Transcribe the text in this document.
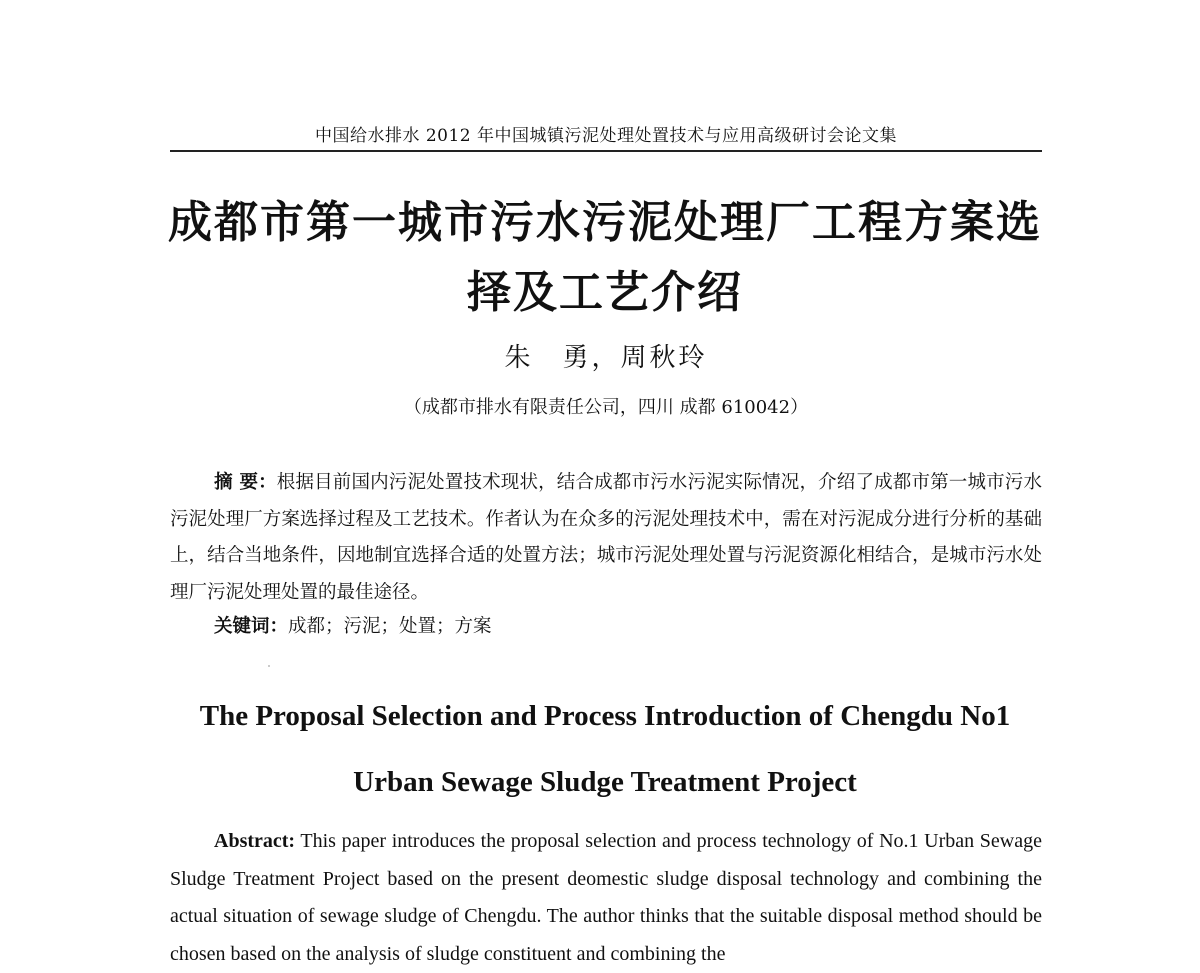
中国给水排水 2012 年中国城镇污泥处理处置技术与应用高级研讨会论文集
成都市第一城市污水污泥处理厂工程方案选
择及工艺介绍
朱　勇，周秋玲
（成都市排水有限责任公司，四川 成都 610042）
摘 要：根据目前国内污泥处置技术现状，结合成都市污水污泥实际情况，介绍了成都市第一城市污水污泥处理厂方案选择过程及工艺技术。作者认为在众多的污泥处理技术中，需在对污泥成分进行分析的基础上，结合当地条件，因地制宜选择合适的处置方法；城市污泥处理处置与污泥资源化相结合，是城市污水处理厂污泥处理处置的最佳途径。
关键词：成都；污泥；处置；方案
The Proposal Selection and Process Introduction of Chengdu No1
Urban Sewage Sludge Treatment Project
Abstract: This paper introduces the proposal selection and process technology of No.1 Urban Sewage Sludge Treatment Project based on the present deomestic sludge disposal technology and combining the actual situation of sewage sludge of Chengdu. The author thinks that the suitable disposal method should be chosen based on the analysis of sludge constituent and combining the
